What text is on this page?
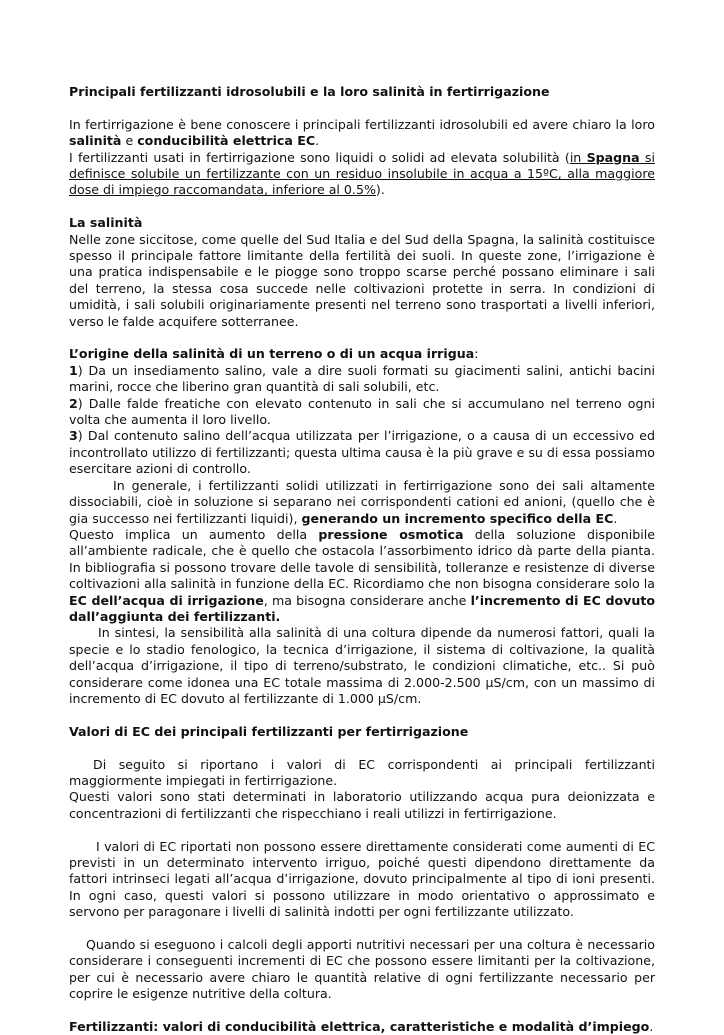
Principali fertilizzanti idrosolubili e la loro salinità in fertirrigazione

In fertirrigazione è bene conoscere i principali fertilizzanti idrosolubili ed avere chiaro la loro salinità e conducibilità elettrica EC.

I fertilizzanti usati in fertirrigazione sono liquidi o solidi ad elevata solubilità (in Spagna si definisce solubile un fertilizzante con un residuo insolubile in acqua a 15ºC, alla maggiore dose di impiego raccomandata, inferiore al 0.5%).

La salinità

Nelle zone siccitose, come quelle del Sud Italia e del Sud della Spagna, la salinità costituisce spesso il principale fattore limitante della fertilità dei suoli. In queste zone, l’irrigazione è una pratica indispensabile e le piogge sono troppo scarse perché possano eliminare i sali del terreno, la stessa cosa succede nelle coltivazioni protette in serra. In condizioni di umidità, i sali solubili originariamente presenti nel terreno sono trasportati a livelli inferiori, verso le falde acquifere sotterranee.

L’origine della salinità di un terreno o di un acqua irrigua:

1) Da un insediamento salino, vale a dire suoli formati su giacimenti salini, antichi bacini marini, rocce che liberino gran quantità di sali solubili, etc.

2) Dalle falde freatiche con elevato contenuto in sali che si accumulano nel terreno ogni volta che aumenta il loro livello.

3) Dal contenuto salino dell’acqua utilizzata per l’irrigazione, o a causa di un eccessivo ed incontrollato utilizzo di fertilizzanti; questa ultima causa è la più grave e su di essa possiamo esercitare azioni di controllo.

In generale, i fertilizzanti solidi utilizzati in fertirrigazione sono dei sali altamente dissociabili, cioè in soluzione si separano nei corrispondenti cationi ed anioni, (quello che è gia successo nei fertilizzanti liquidi), generando un incremento specifico della EC.

Questo implica un aumento della pressione osmotica della soluzione disponibile all’ambiente radicale, che è quello che ostacola l’assorbimento idrico dà parte della pianta. In bibliografia si possono trovare delle tavole di sensibilità, tolleranze e resistenze di diverse coltivazioni alla salinità in funzione della EC. Ricordiamo che non bisogna considerare solo la EC dell’acqua di irrigazione, ma bisogna considerare anche l’incremento di EC dovuto dall’aggiunta dei fertilizzanti.

In sintesi, la sensibilità alla salinità di una coltura dipende da numerosi fattori, quali la specie e lo stadio fenologico, la tecnica d’irrigazione, il sistema di coltivazione, la qualità dell’acqua d’irrigazione, il tipo di terreno/substrato, le condizioni climatiche, etc.. Si può considerare come idonea una EC totale massima di 2.000-2.500 µS/cm, con un massimo di incremento di EC dovuto al fertilizzante di 1.000 µS/cm.

Valori di EC dei principali fertilizzanti per fertirrigazione

Di seguito si riportano i valori di EC corrispondenti ai principali fertilizzanti maggiormente impiegati in fertirrigazione.

Questi valori sono stati determinati in laboratorio utilizzando acqua pura deionizzata e concentrazioni di fertilizzanti che rispecchiano i reali utilizzi in fertirrigazione.

I valori di EC riportati non possono essere direttamente considerati come aumenti di EC previsti in un determinato intervento irriguo, poiché questi dipendono direttamente da fattori intrinseci legati all’acqua d’irrigazione, dovuto principalmente al tipo di ioni presenti. In ogni caso, questi valori si possono utilizzare in modo orientativo o approssimato e servono per paragonare i livelli di salinità indotti per ogni fertilizzante utilizzato.

Quando si eseguono i calcoli degli apporti nutritivi necessari per una coltura è necessario considerare i conseguenti incrementi di EC che possono essere limitanti per la coltivazione, per cui è necessario avere chiaro le quantità relative di ogni fertilizzante necessario per coprire le esigenze nutritive della coltura.

Fertilizzanti: valori di conducibilità elettrica, caratteristiche e modalità d’impiego.
